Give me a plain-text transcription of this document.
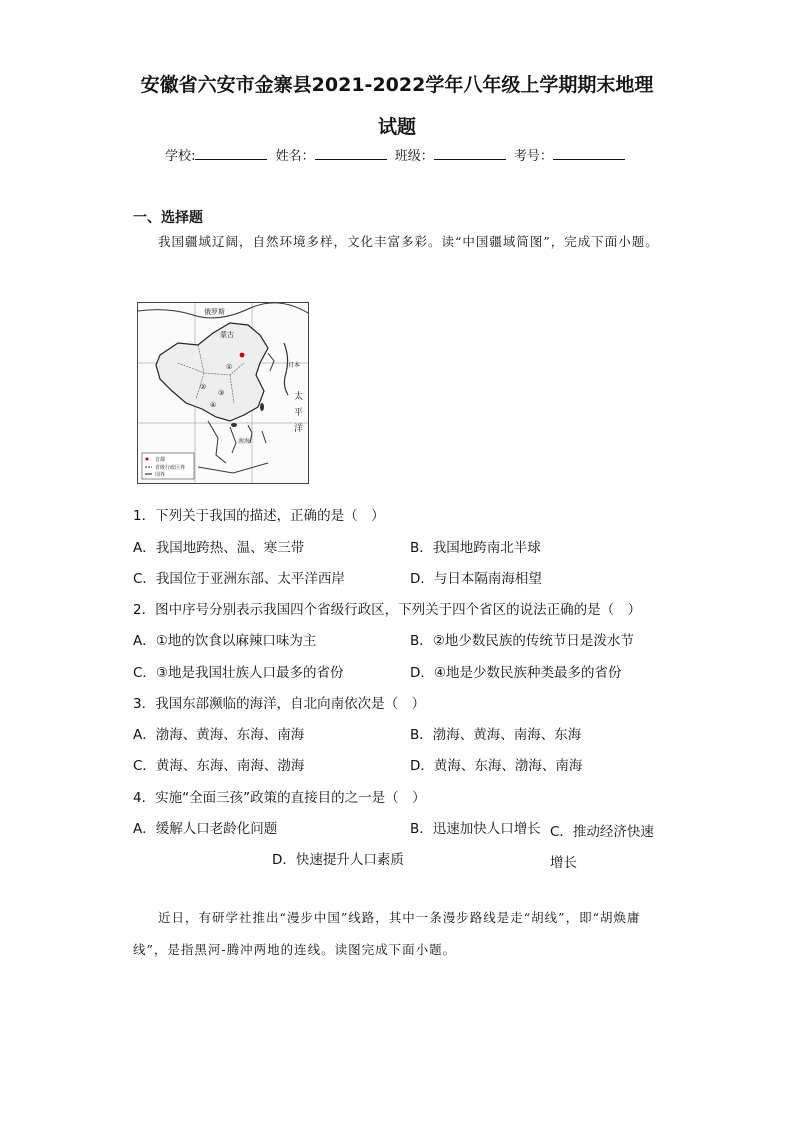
安徽省六安市金寨县2021-2022学年八年级上学期期末地理
试题
学校:	姓名：	班级：	考号：
一、选择题
我国疆域辽阔，自然环境多样，文化丰富多彩。读“中国疆域简图”，完成下面小题。
俄罗斯
蒙古
日本
太
平
洋
南海
首都
省级行政区界
国界
①
②
③
④
1．下列关于我国的描述，正确的是（　）
A．我国地跨热、温、寒三带	B．我国地跨南北半球
C．我国位于亚洲东部、太平洋西岸	D．与日本隔南海相望
2．图中序号分别表示我国四个省级行政区，下列关于四个省区的说法正确的是（　）
A．①地的饮食以麻辣口味为主	B．②地少数民族的传统节日是泼水节
C．③地是我国壮族人口最多的省份	D．④地是少数民族种类最多的省份
3．我国东部濒临的海洋，自北向南依次是（　）
A．渤海、黄海、东海、南海	B．渤海、黄海、南海、东海
C．黄海、东海、南海、渤海	D．黄海、东海、渤海、南海
4．实施“全面三孩”政策的直接目的之一是（　）
A．缓解人口老龄化问题	B．迅速加快人口增长 C．推动经济快速增长
D．快速提升人口素质
近日，有研学社推出“漫步中国”线路，其中一条漫步路线是走“胡线”，即“胡焕庸线”，是指黑河-腾冲两地的连线。读图完成下面小题。
